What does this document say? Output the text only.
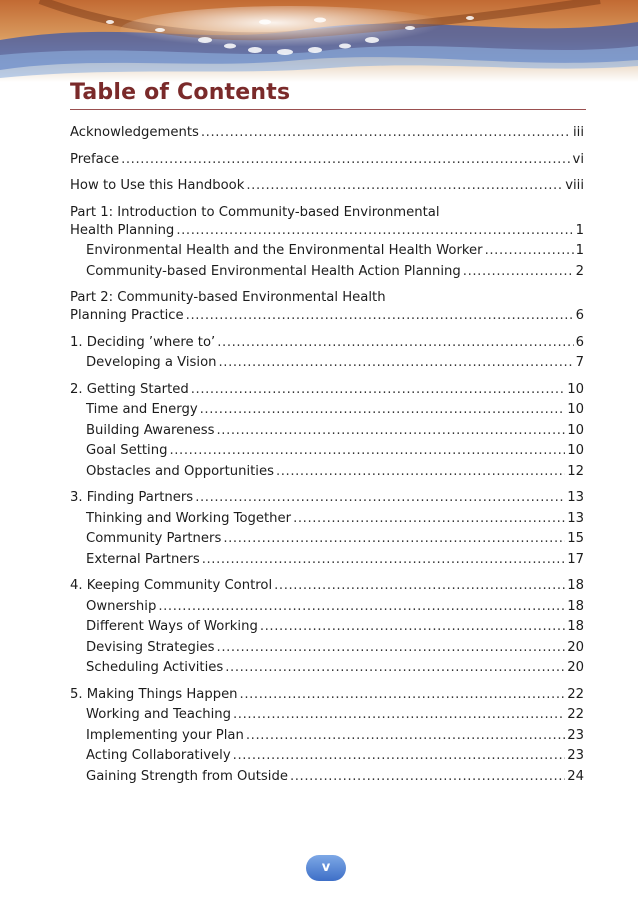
Table of Contents
Acknowledgements .....	iii
Preface .....	vi
How to Use this Handbook .....	viii
Part 1: Introduction to Community-based Environmental
Health Planning .....	1
Environmental Health and the Environmental Health Worker .....	1
Community-based Environmental Health Action Planning .....	2
Part 2: Community-based Environmental Health
Planning Practice .....	6
1. Deciding ’where to’ .....	6
Developing a Vision .....	7
2. Getting Started .....	10
Time and Energy .....	10
Building Awareness .....	10
Goal Setting .....	10
Obstacles and Opportunities .....	12
3. Finding Partners .....	13
Thinking and Working Together .....	13
Community Partners .....	15
External Partners .....	17
4. Keeping Community Control .....	18
Ownership .....	18
Different Ways of Working .....	18
Devising Strategies .....	20
Scheduling Activities .....	20
5. Making Things Happen .....	22
Working and Teaching .....	22
Implementing your Plan .....	23
Acting Collaboratively .....	23
Gaining Strength from Outside .....	24
v
